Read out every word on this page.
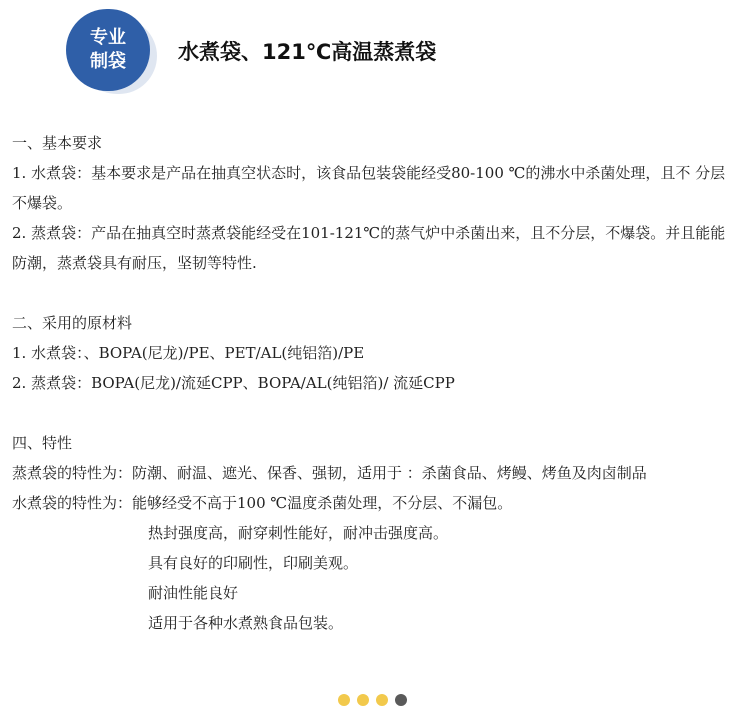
专业
制袋 水煮袋、121℃高温蒸煮袋

一、基本要求

1. 水煮袋：基本要求是产品在抽真空状态时，该食品包装袋能经受80-100 ℃的沸水中杀菌处理，且不 分层 不爆袋。

2. 蒸煮袋：产品在抽真空时蒸煮袋能经受在101-121℃的蒸气炉中杀菌出来，且不分层，不爆袋。并且能能防潮，蒸煮袋具有耐压，坚韧等特性.

二、采用的原材料

1. 水煮袋：、BOPA(尼龙)/PE、PET/AL(纯铝箔)/PE

2. 蒸煮袋：BOPA(尼龙)/流延CPP、BOPA/AL(纯铝箔)/ 流延CPP

四、特性

蒸煮袋的特性为： 防潮、耐温、遮光、保香、强韧，适用于 ：杀菌食品、烤鳗、烤鱼及肉卤制品
水煮袋的特性为： 能够经受不高于100 ℃温度杀菌处理，不分层、不漏包。

热封强度高，耐穿刺性能好，耐冲击强度高。

具有良好的印刷性，印刷美观。

耐油性能良好

适用于各种水煮熟食品包装。
